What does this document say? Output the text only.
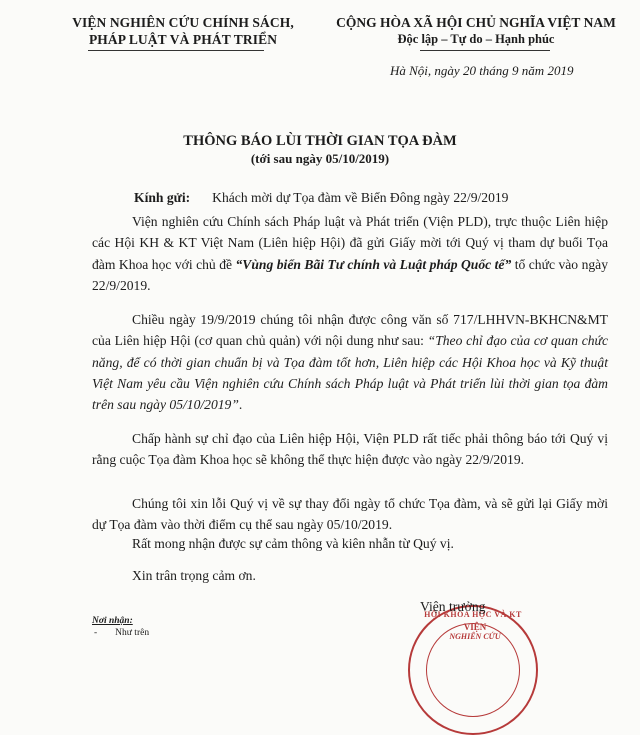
VIỆN NGHIÊN CỨU CHÍNH SÁCH,
PHÁP LUẬT VÀ PHÁT TRIỂN
CỘNG HÒA XÃ HỘI CHỦ NGHĨA VIỆT NAM
Độc lập – Tự do – Hạnh phúc
Hà Nội, ngày 20 tháng 9 năm 2019
THÔNG BÁO LÙI THỜI GIAN TỌA ĐÀM
(tới sau ngày 05/10/2019)
Kính gửi: Khách mời dự Tọa đàm về Biển Đông ngày 22/9/2019
Viện nghiên cứu Chính sách Pháp luật và Phát triển (Viện PLD), trực thuộc Liên hiệp các Hội KH & KT Việt Nam (Liên hiệp Hội) đã gửi Giấy mời tới Quý vị tham dự buổi Tọa đàm Khoa học với chủ đề “Vùng biển Bãi Tư chính và Luật pháp Quốc tế” tổ chức vào ngày 22/9/2019.
Chiều ngày 19/9/2019 chúng tôi nhận được công văn số 717/LHHVN-BKHCN&MT của Liên hiệp Hội (cơ quan chủ quản) với nội dung như sau: “Theo chỉ đạo của cơ quan chức năng, để có thời gian chuẩn bị và Tọa đàm tốt hơn, Liên hiệp các Hội Khoa học và Kỹ thuật Việt Nam yêu cầu Viện nghiên cứu Chính sách Pháp luật và Phát triển lùi thời gian tọa đàm trên sau ngày 05/10/2019”.
Chấp hành sự chỉ đạo của Liên hiệp Hội, Viện PLD rất tiếc phải thông báo tới Quý vị rằng cuộc Tọa đàm Khoa học sẽ không thể thực hiện được vào ngày 22/9/2019.
Chúng tôi xin lỗi Quý vị về sự thay đổi ngày tổ chức Tọa đàm, và sẽ gửi lại Giấy mời dự Tọa đàm vào thời điểm cụ thể sau ngày 05/10/2019.
Rất mong nhận được sự cảm thông và kiên nhẫn từ Quý vị.
Xin trân trọng cảm ơn.
HỘI KHOA HỌC VÀ KT
VIỆN
NGHIÊN CỨU
Viện trưởng
Nơi nhận:
- Như trên
